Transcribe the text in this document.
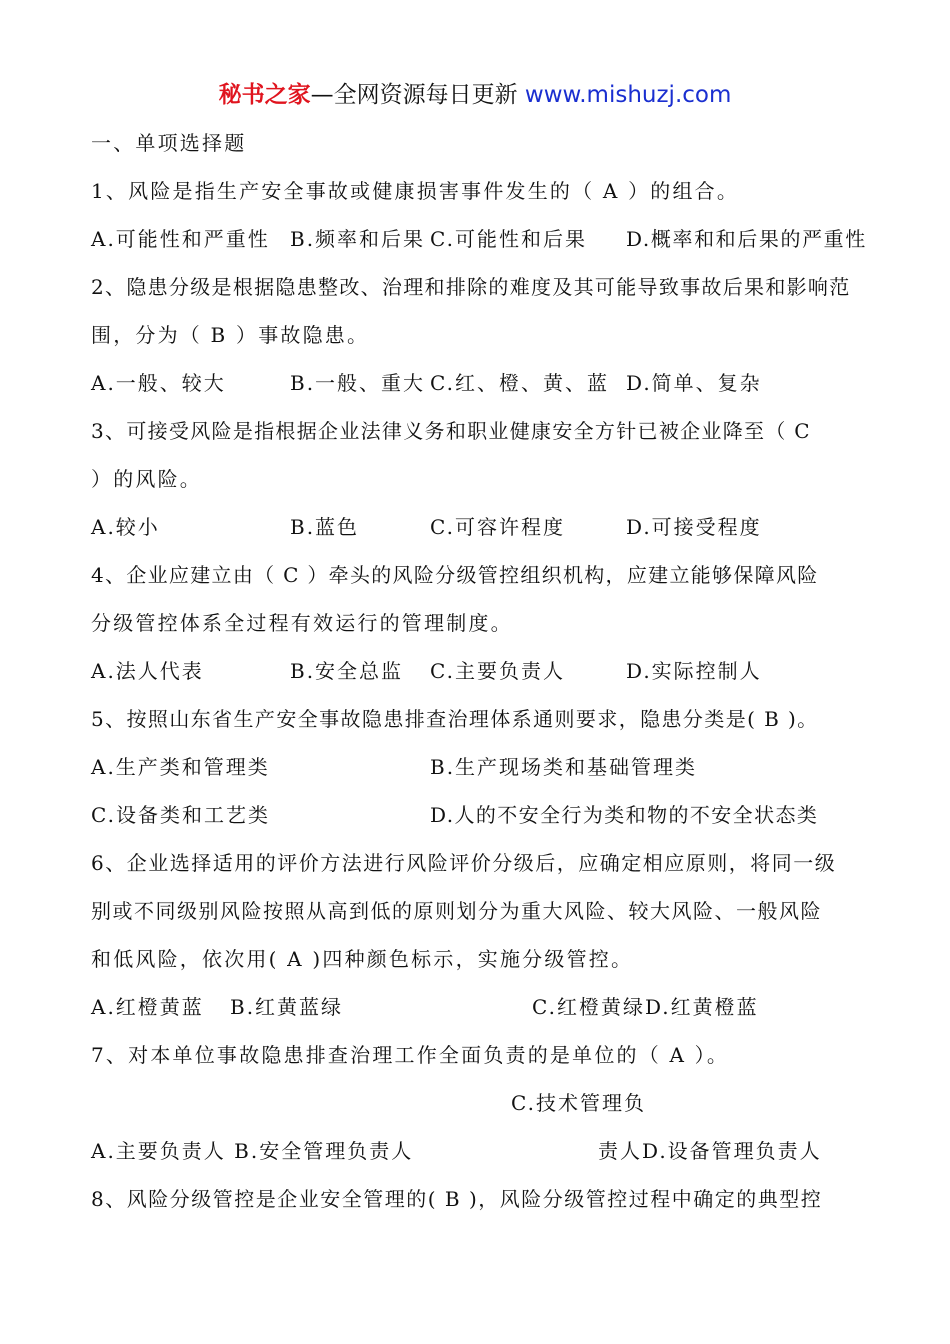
秘书之家—全网资源每日更新 www.mishuzj.com
一、单项选择题
1、风险是指生产安全事故或健康损害事件发生的（ A ）的组合。
A.可能性和严重性 B.频率和后果 C.可能性和后果 D.概率和和后果的严重性
2、隐患分级是根据隐患整改、治理和排除的难度及其可能导致事故后果和影响范
围，分为（ B ）事故隐患。
A.一般、较大	B.一般、重大 C.红、橙、黄、蓝 D.简单、复杂
3、可接受风险是指根据企业法律义务和职业健康安全方针已被企业降至（ C
）的风险。
A.较小	B.蓝色	C.可容许程度	D.可接受程度
4、企业应建立由（ C ）牵头的风险分级管控组织机构，应建立能够保障风险
分级管控体系全过程有效运行的管理制度。
A.法人代表	B.安全总监 C.主要负责人	D.实际控制人
5、按照山东省生产安全事故隐患排查治理体系通则要求，隐患分类是( B )。
A.生产类和管理类	B.生产现场类和基础管理类
C.设备类和工艺类	D.人的不安全行为类和物的不安全状态类
6、企业选择适用的评价方法进行风险评价分级后，应确定相应原则，将同一级
别或不同级别风险按照从高到低的原则划分为重大风险、较大风险、一般风险
和低风险，依次用( A )四种颜色标示，实施分级管控。
A.红橙黄蓝 B.红黄蓝绿	C.红橙黄绿D.红黄橙蓝
7、对本单位事故隐患排查治理工作全面负责的是单位的（ A ）。
C.技术管理负
A.主要负责人 B.安全管理负责人	责人D.设备管理负责人
8、风险分级管控是企业安全管理的( B )，风险分级管控过程中确定的典型控
